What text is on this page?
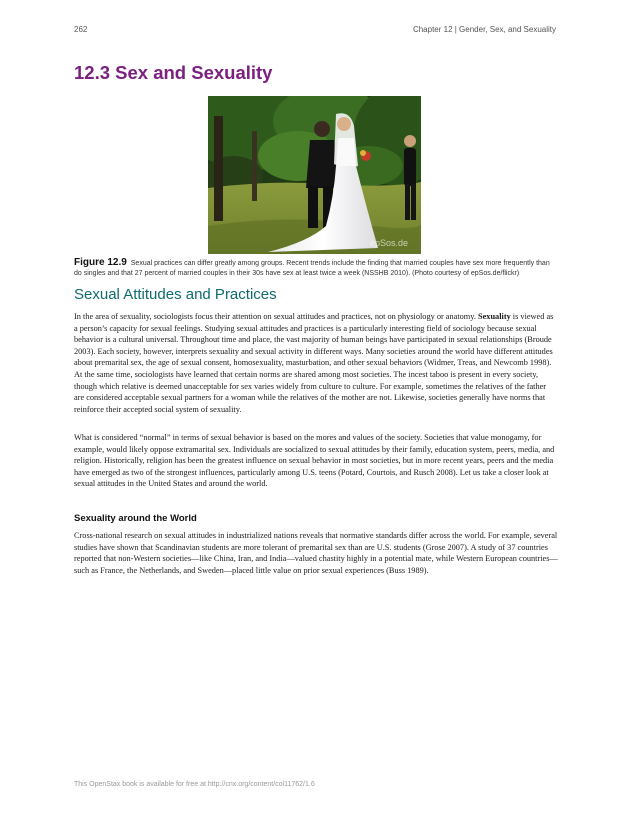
262	Chapter 12 | Gender, Sex, and Sexuality
12.3 Sex and Sexuality
epSos.de
Figure 12.9 Sexual practices can differ greatly among groups. Recent trends include the finding that married couples have sex more frequently than do singles and that 27 percent of married couples in their 30s have sex at least twice a week (NSSHB 2010). (Photo courtesy of epSos.de/flickr)
Sexual Attitudes and Practices

In the area of sexuality, sociologists focus their attention on sexual attitudes and practices, not on physiology or anatomy. Sexuality is viewed as a person’s capacity for sexual feelings. Studying sexual attitudes and practices is a particularly interesting field of sociology because sexual behavior is a cultural universal. Throughout time and place, the vast majority of human beings have participated in sexual relationships (Broude 2003). Each society, however, interprets sexuality and sexual activity in different ways. Many societies around the world have different attitudes about premarital sex, the age of sexual consent, homosexuality, masturbation, and other sexual behaviors (Widmer, Treas, and Newcomb 1998). At the same time, sociologists have learned that certain norms are shared among most societies. The incest taboo is present in every society, though which relative is deemed unacceptable for sex varies widely from culture to culture. For example, sometimes the relatives of the father are considered acceptable sexual partners for a woman while the relatives of the mother are not. Likewise, societies generally have norms that reinforce their accepted social system of sexuality.

What is considered “normal” in terms of sexual behavior is based on the mores and values of the society. Societies that value monogamy, for example, would likely oppose extramarital sex. Individuals are socialized to sexual attitudes by their family, education system, peers, media, and religion. Historically, religion has been the greatest influence on sexual behavior in most societies, but in more recent years, peers and the media have emerged as two of the strongest influences, particularly among U.S. teens (Potard, Courtois, and Rusch 2008). Let us take a closer look at sexual attitudes in the United States and around the world.

Sexuality around the World

Cross-national research on sexual attitudes in industrialized nations reveals that normative standards differ across the world. For example, several studies have shown that Scandinavian students are more tolerant of premarital sex than are U.S. students (Grose 2007). A study of 37 countries reported that non-Western societies—like China, Iran, and India—valued chastity highly in a potential mate, while Western European countries—such as France, the Netherlands, and Sweden—placed little value on prior sexual experiences (Buss 1989).

This OpenStax book is available for free at http://cnx.org/content/col11762/1.6
